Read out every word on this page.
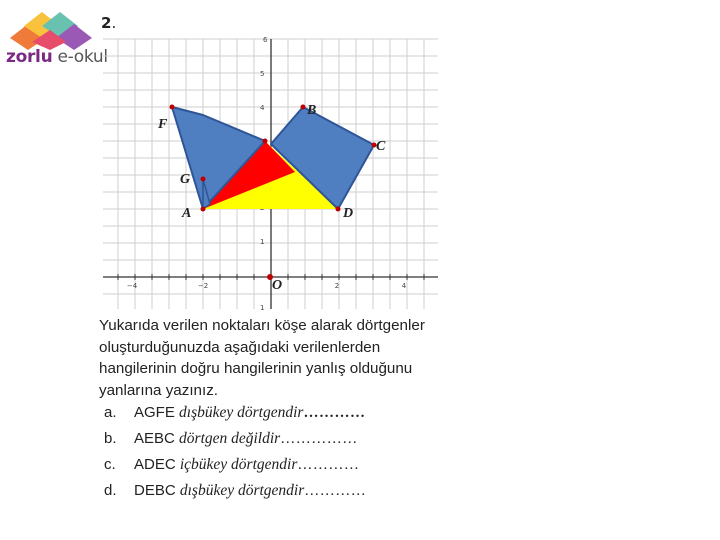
zorlu e-okul
2.
−4	−2	2	4
6
5
4
1
1
F
G
A
O
C
D
B
Yukarıda verilen noktaları köşe alarak dörtgenler oluşturduğunuzda aşağıdaki verilenlerden hangilerinin doğru hangilerinin yanlış olduğunu yanlarına yazınız.
a. AGFE dışbükey dörtgendir…………
b. AEBC dörtgen değildir……………
c. ADEC içbükey dörtgendir…………
d. DEBC dışbükey dörtgendir…………
